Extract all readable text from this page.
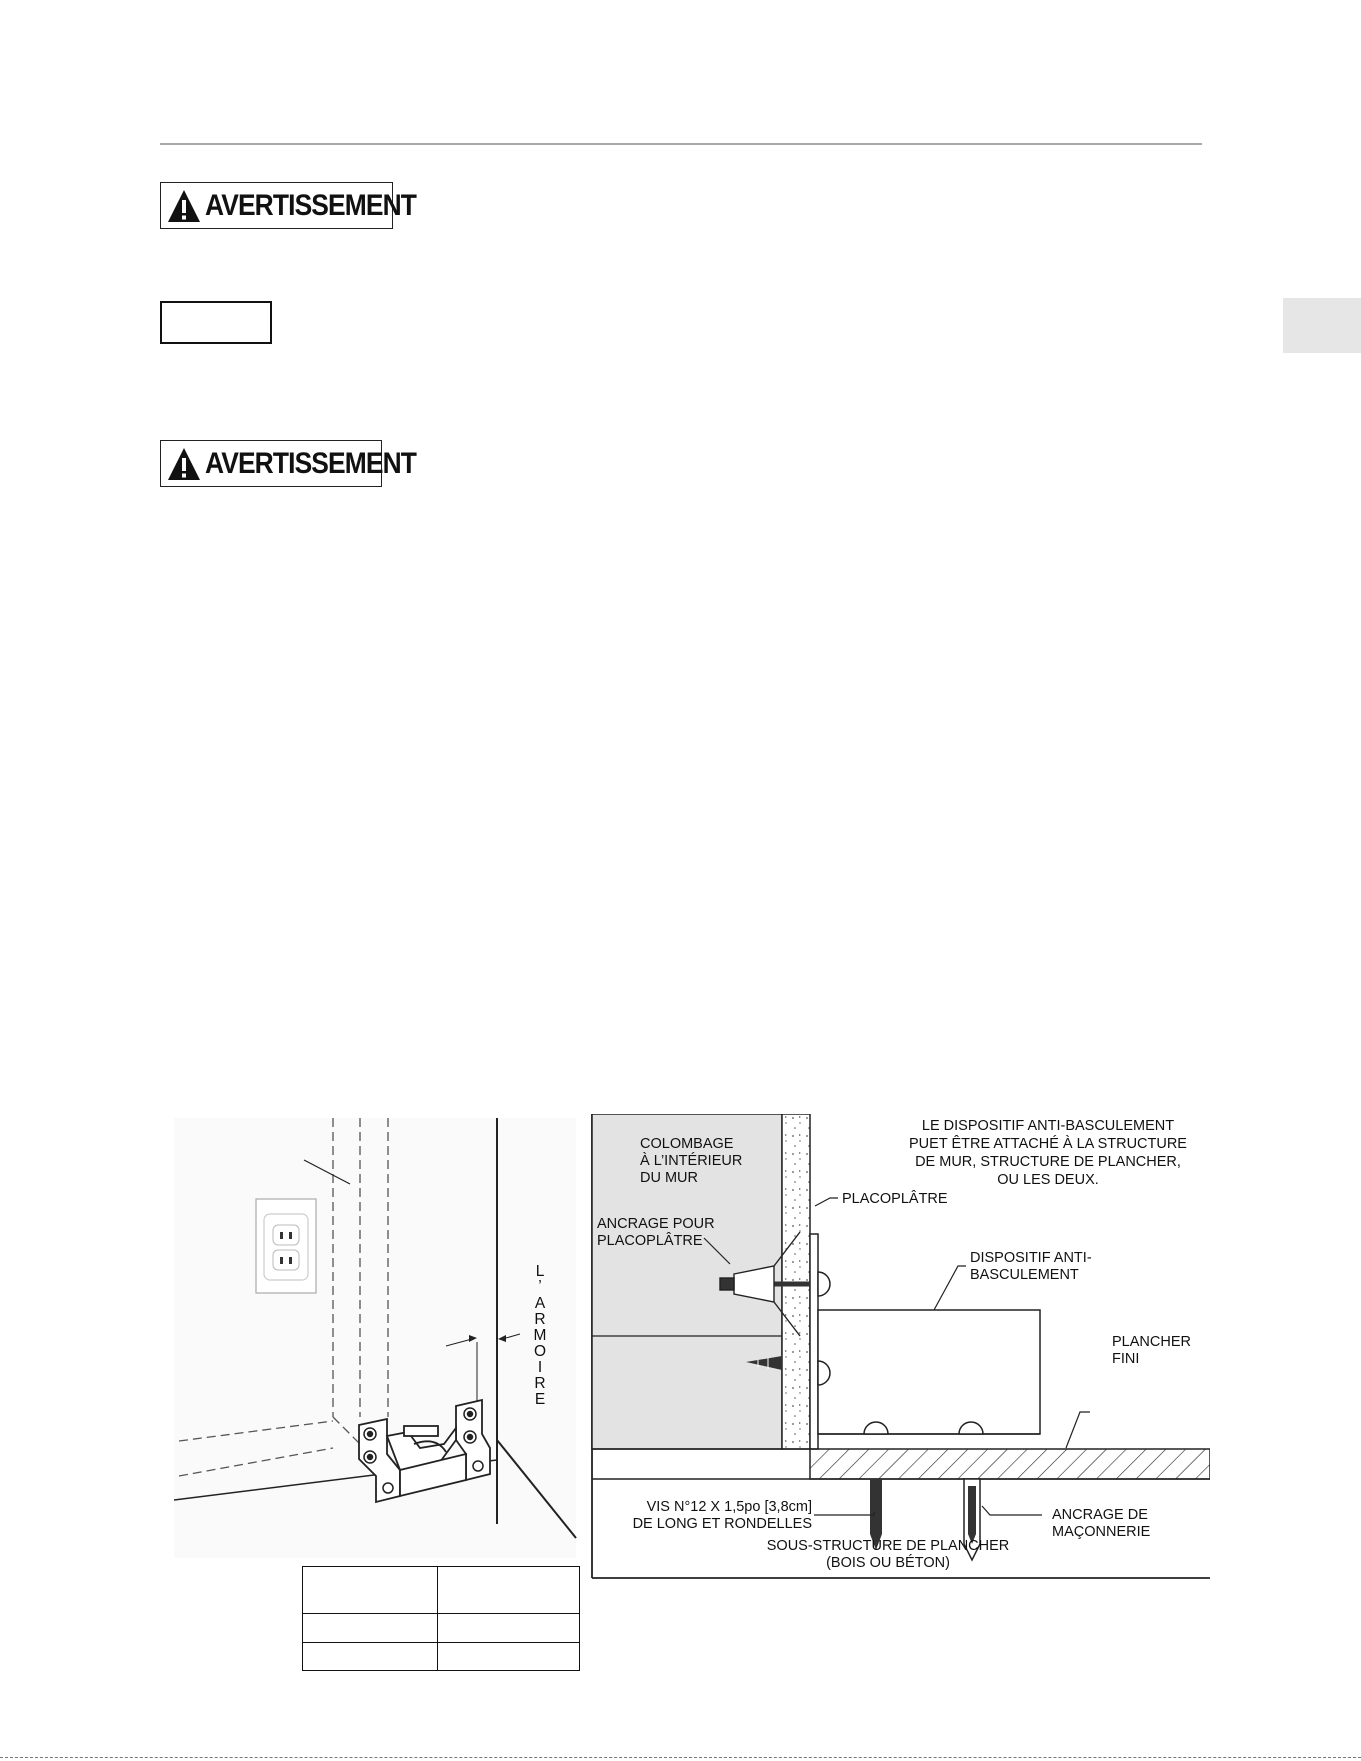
AVERTISSEMENT
AVERTISSEMENT
L
’
A
R
M
O
I
R
E
LE DISPOSITIF ANTI-BASCULEMENT
PUET ÊTRE ATTACHÉ À LA STRUCTURE
DE MUR, STRUCTURE DE PLANCHER,
OU LES DEUX.
COLOMBAGE
À L’INTÉRIEUR
DU MUR
PLACOPLÂTRE
ANCRAGE POUR
PLACOPLÂTRE
DISPOSITIF ANTI-
BASCULEMENT
PLANCHER
FINI
VIS N°12 X 1,5po [3,8cm]
DE LONG ET RONDELLES
ANCRAGE DE
MAÇONNERIE
SOUS-STRUCTURE DE PLANCHER
(BOIS OU BÉTON)
